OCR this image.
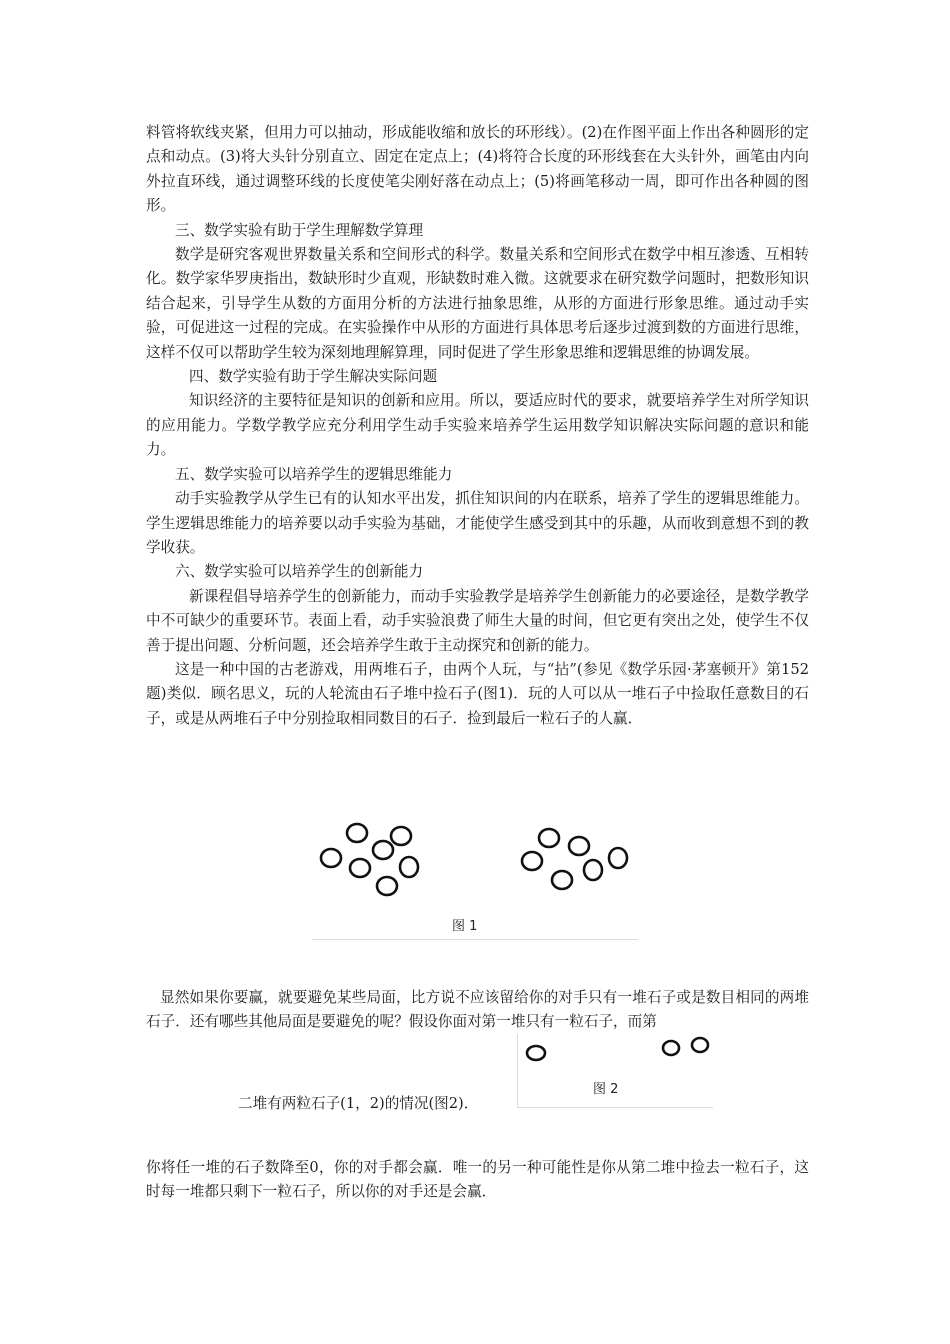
料管将软线夹紧，但用力可以抽动，形成能收缩和放长的环形线）。(2)在作图平面上作出各种圆形的定点和动点。(3)将大头针分别直立、固定在定点上；(4)将符合长度的环形线套在大头针外，画笔由内向外拉直环线，通过调整环线的长度使笔尖刚好落在动点上；(5)将画笔移动一周，即可作出各种圆的图形。

三、数学实验有助于学生理解数学算理

数学是研究客观世界数量关系和空间形式的科学。数量关系和空间形式在数学中相互渗透、互相转化。数学家华罗庚指出，数缺形时少直观，形缺数时难入微。这就要求在研究数学问题时，把数形知识结合起来，引导学生从数的方面用分析的方法进行抽象思维，从形的方面进行形象思维。通过动手实验，可促进这一过程的完成。在实验操作中从形的方面进行具体思考后逐步过渡到数的方面进行思维，这样不仅可以帮助学生较为深刻地理解算理，同时促进了学生形象思维和逻辑思维的协调发展。

四、数学实验有助于学生解决实际问题

知识经济的主要特征是知识的创新和应用。所以，要适应时代的要求，就要培养学生对所学知识的应用能力。学数学教学应充分利用学生动手实验来培养学生运用数学知识解决实际问题的意识和能力。

五、数学实验可以培养学生的逻辑思维能力

动手实验教学从学生已有的认知水平出发，抓住知识间的内在联系，培养了学生的逻辑思维能力。学生逻辑思维能力的培养要以动手实验为基础，才能使学生感受到其中的乐趣，从而收到意想不到的教学收获。

六、数学实验可以培养学生的创新能力

新课程倡导培养学生的创新能力，而动手实验教学是培养学生创新能力的必要途径，是数学教学中不可缺少的重要环节。表面上看，动手实验浪费了师生大量的时间，但它更有突出之处，使学生不仅善于提出问题、分析问题，还会培养学生敢于主动探究和创新的能力。

这是一种中国的古老游戏，用两堆石子，由两个人玩，与“拈”(参见《数学乐园·茅塞顿开》第152题)类似．顾名思义，玩的人轮流由石子堆中捡石子(图1)．玩的人可以从一堆石子中捡取任意数目的石子，或是从两堆石子中分别捡取相同数目的石子．捡到最后一粒石子的人赢．

图 1

显然如果你要赢，就要避免某些局面，比方说不应该留给你的对手只有一堆石子或是数目相同的两堆石子．还有哪些其他局面是要避免的呢？假设你面对第一堆只有一粒石子，而第

图 2
二堆有两粒石子(1，2)的情况(图2)．

你将任一堆的石子数降至0，你的对手都会赢．唯一的另一种可能性是你从第二堆中捡去一粒石子，这时每一堆都只剩下一粒石子，所以你的对手还是会赢．
